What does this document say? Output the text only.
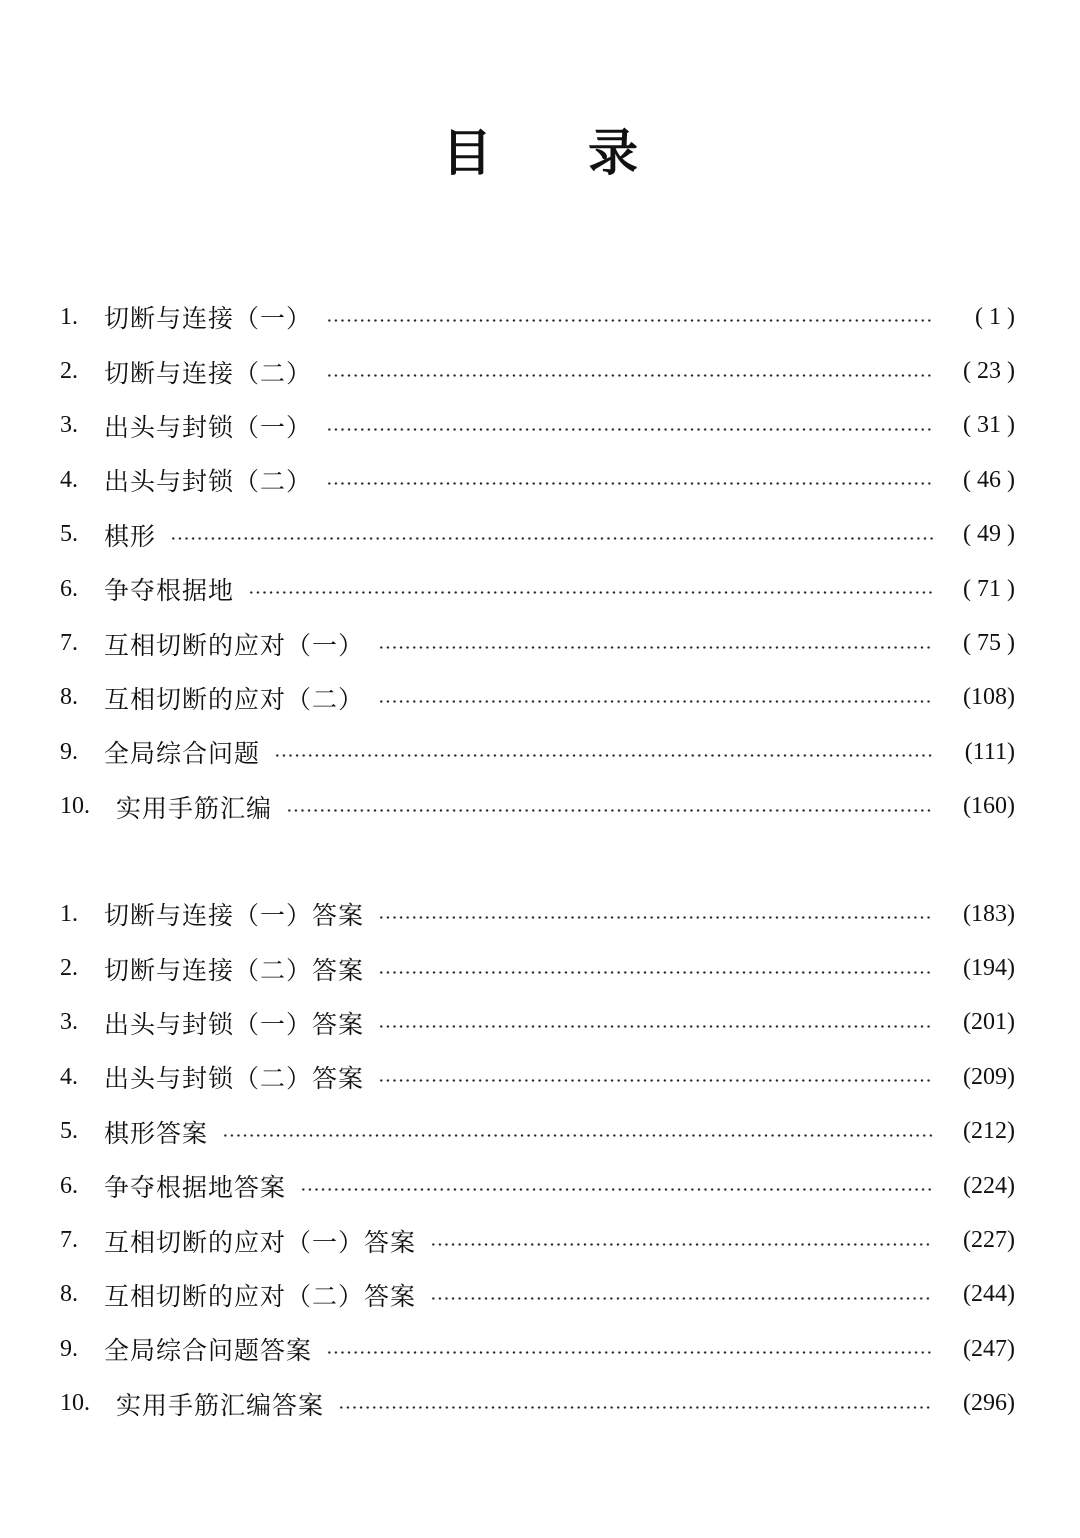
目 录
1.	切断与连接（一）	( 1 )
2.	切断与连接（二）	( 23 )
3.	出头与封锁（一）	( 31 )
4.	出头与封锁（二）	( 46 )
5.	棋形	( 49 )
6.	争夺根据地	( 71 )
7.	互相切断的应对（一）	( 75 )
8.	互相切断的应对（二）	(108)
9.	全局综合问题	(111)
10.	实用手筋汇编	(160)
1.	切断与连接（一）答案	(183)
2.	切断与连接（二）答案	(194)
3.	出头与封锁（一）答案	(201)
4.	出头与封锁（二）答案	(209)
5.	棋形答案	(212)
6.	争夺根据地答案	(224)
7.	互相切断的应对（一）答案	(227)
8.	互相切断的应对（二）答案	(244)
9.	全局综合问题答案	(247)
10.	实用手筋汇编答案	(296)
